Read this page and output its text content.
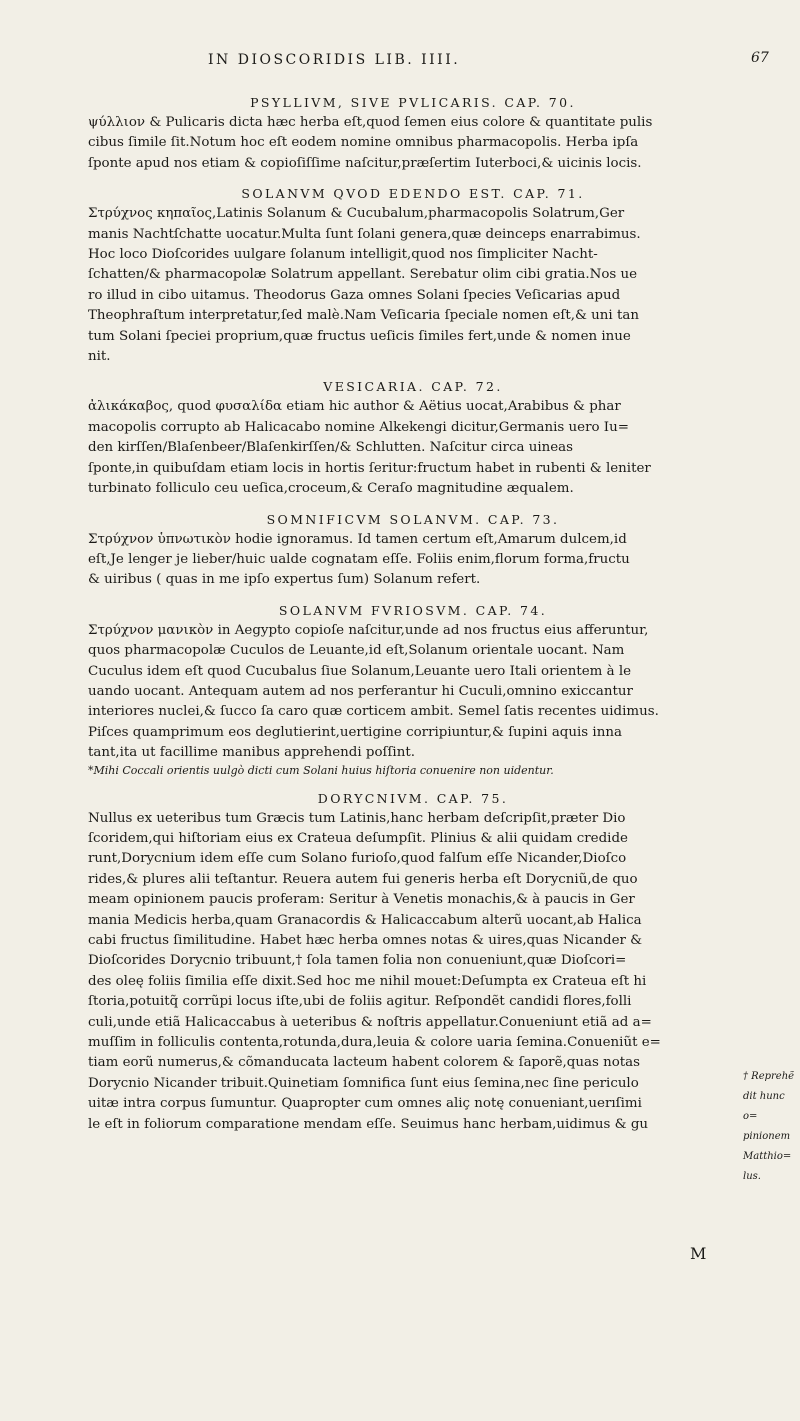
IN DIOSCORIDIS LIB. IIII.	67

PSYLLIVM, SIVE PVLICARIS. CAP. 70.

ψύλλιον & Pulicaris dicta hæc herba eſt,quod ſemen eius colore & quantitate pulis
cibus ſimile ſit.Notum hoc eſt eodem nomine omnibus pharmacopolis. Herba ipſa
ſponte apud nos etiam & copioſiſſime naſcitur,præſertim Iuterboci,& uicinis locis.

SOLANVM QVOD EDENDO EST. CAP. 71.

Στρύχνος κηπαῖος,Latinis Solanum & Cucubalum,pharmacopolis Solatrum,Ger
manis Nachtſchatte uocatur.Multa ſunt ſolani genera,quæ deinceps enarrabimus.
Hoc loco Dioſcorides uulgare ſolanum intelligit,quod nos ſimpliciter Nacht-
ſchatten/& pharmacopolæ Solatrum appellant. Serebatur olim cibi gratia.Nos ue
ro illud in cibo uitamus. Theodorus Gaza omnes Solani ſpecies Veſicarias apud
Theophraſtum interpretatur,ſed malè.Nam Veſicaria ſpeciale nomen eſt,& uni tan
tum Solani ſpeciei proprium,quæ fructus ueſicis ſimiles fert,unde & nomen inue
nit.

VESICARIA. CAP. 72.

ἀλικάκαβος, quod φυσαλίδα etiam hic author & Aëtius uocat,Arabibus & phar
macopolis corrupto ab Halicacabo nomine Alkekengi dicitur,Germanis uero Iu=
den kirſſen/Blaſenbeer/Blaſenkirſſen/& Schlutten. Naſcitur circa uineas
ſponte,in quibuſdam etiam locis in hortis ſeritur:fructum habet in rubenti & leniter
turbinato folliculo ceu ueſica,croceum,& Ceraſo magnitudine æqualem.

SOMNIFICVM SOLANVM. CAP. 73.

Στρύχνον ὑπνωτικὸν hodie ignoramus. Id tamen certum eſt,Amarum dulcem,id
eſt,Je lenger je lieber/huic ualde cognatam eſſe. Foliis enim,florum forma,fructu
& uiribus ( quas in me ipſo expertus ſum) Solanum refert.

SOLANVM FVRIOSVM. CAP. 74.

Στρύχνον μανικὸν in Aegypto copioſe naſcitur,unde ad nos fructus eius afferuntur,
quos pharmacopolæ Cuculos de Leuante,id eſt,Solanum orientale uocant. Nam
Cuculus idem eſt quod Cucubalus ſiue Solanum,Leuante uero Itali orientem à le
uando uocant. Antequam autem ad nos perferantur hi Cuculi,omnino exiccantur
interiores nuclei,& ſucco ſa caro quæ corticem ambit. Semel ſatis recentes uidimus.
Piſces quamprimum eos deglutierint,uertigine corripiuntur,& ſupini aquis inna
tant,ita ut facillime manibus apprehendi poſſint.

*Mihi Coccali orientis uulgò dicti cum Solani huius hiſtoria conuenire non uidentur.

DORYCNIVM. CAP. 75.

Nullus ex ueteribus tum Græcis tum Latinis,hanc herbam deſcripſit,præter Dio
ſcoridem,qui hiſtoriam eius ex Crateua deſumpſit. Plinius & alii quidam credide
runt,Dorycnium idem eſſe cum Solano furioſo,quod falſum eſſe Nicander,Dioſco
rides,& plures alii teſtantur. Reuera autem fui generis herba eſt Dorycniũ,de quo
meam opinionem paucis proferam: Seritur à Venetis monachis,& à paucis in Ger
mania Medicis herba,quam Granacordis & Halicaccabum alterũ uocant,ab Halica
cabi fructus ſimilitudine. Habet hæc herba omnes notas & uires,quas Nicander &
Dioſcorides Dorycnio tribuunt,† ſola tamen folia non conueniunt,quæ Dioſcori=
des oleę foliis ſimilia eſſe dixit.Sed hoc me nihil mouet:Deſumpta ex Crateua eſt hi
ſtoria,potuitq̃ corrũpi locus iſte,ubi de foliis agitur. Reſpondẽt candidi flores,folli
culi,unde etiã Halicaccabus à ueteribus & noſtris appellatur.Conueniunt etiã ad a=
muſſim in folliculis contenta,rotunda,dura,leuia & colore uaria ſemina.Conueniũt e=
tiam eorũ numerus,& cõmanducata lacteum habent colorem & ſaporẽ,quas notas
Dorycnio Nicander tribuit.Quinetiam ſomnifica ſunt eius ſemina,nec ſine periculo
uitæ intra corpus ſumuntur. Quapropter cum omnes aliç notę conueniant,uerıſimi
le eſt in foliorum comparatione mendam eſſe. Seuimus hanc herbam,uidimus & gu

† Reprehẽ
dit hunc o=
pinionem
Matthio=
lus.
M
